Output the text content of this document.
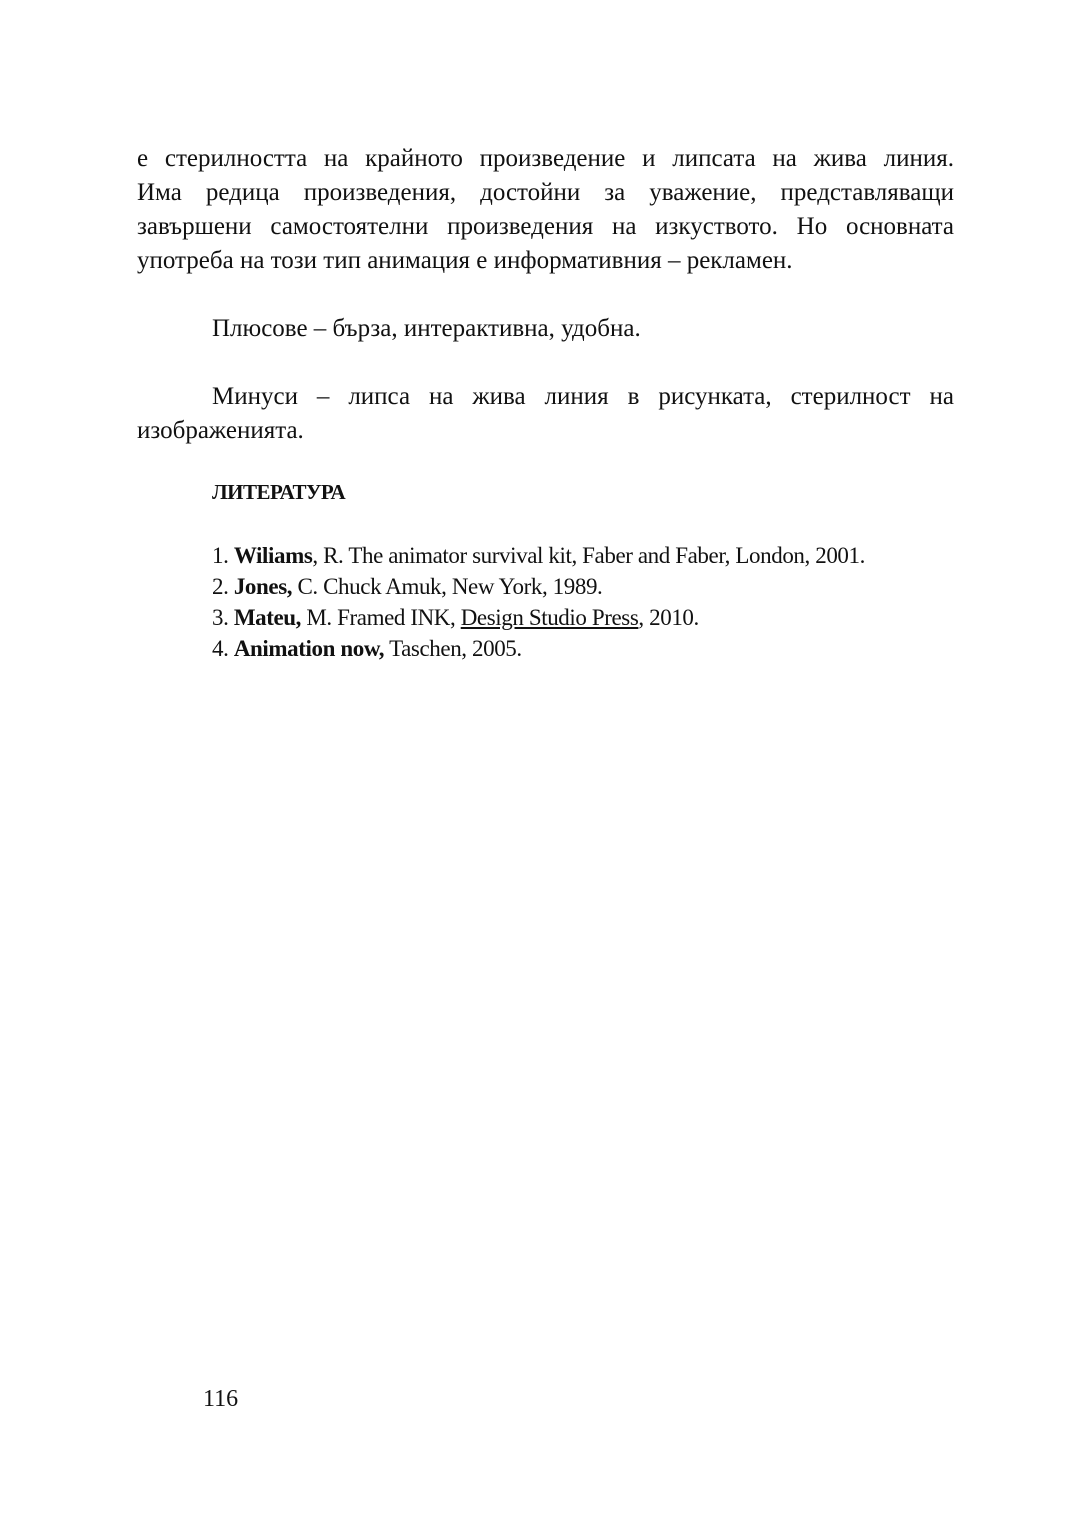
е стерилността на крайното произведение и липсата на жива линия.
Има редица произведения, достойни за уважение, представляващи
завършени самостоятелни произведения на изкуството. Но основната
употреба на този тип анимация е информативния – рекламен.
Плюсове – бърза, интерактивна, удобна.
Минуси – липса на жива линия в рисунката, стерилност на
изображенията.
ЛИТЕРАТУРА
1. Wiliams, R. The animator survival kit, Faber and Faber, London, 2001.
2. Jones, C. Chuck Amuk, New York, 1989.
3. Mateu, M. Framed INK, Design Studio Press, 2010.
4. Animation now, Taschen, 2005.
116
